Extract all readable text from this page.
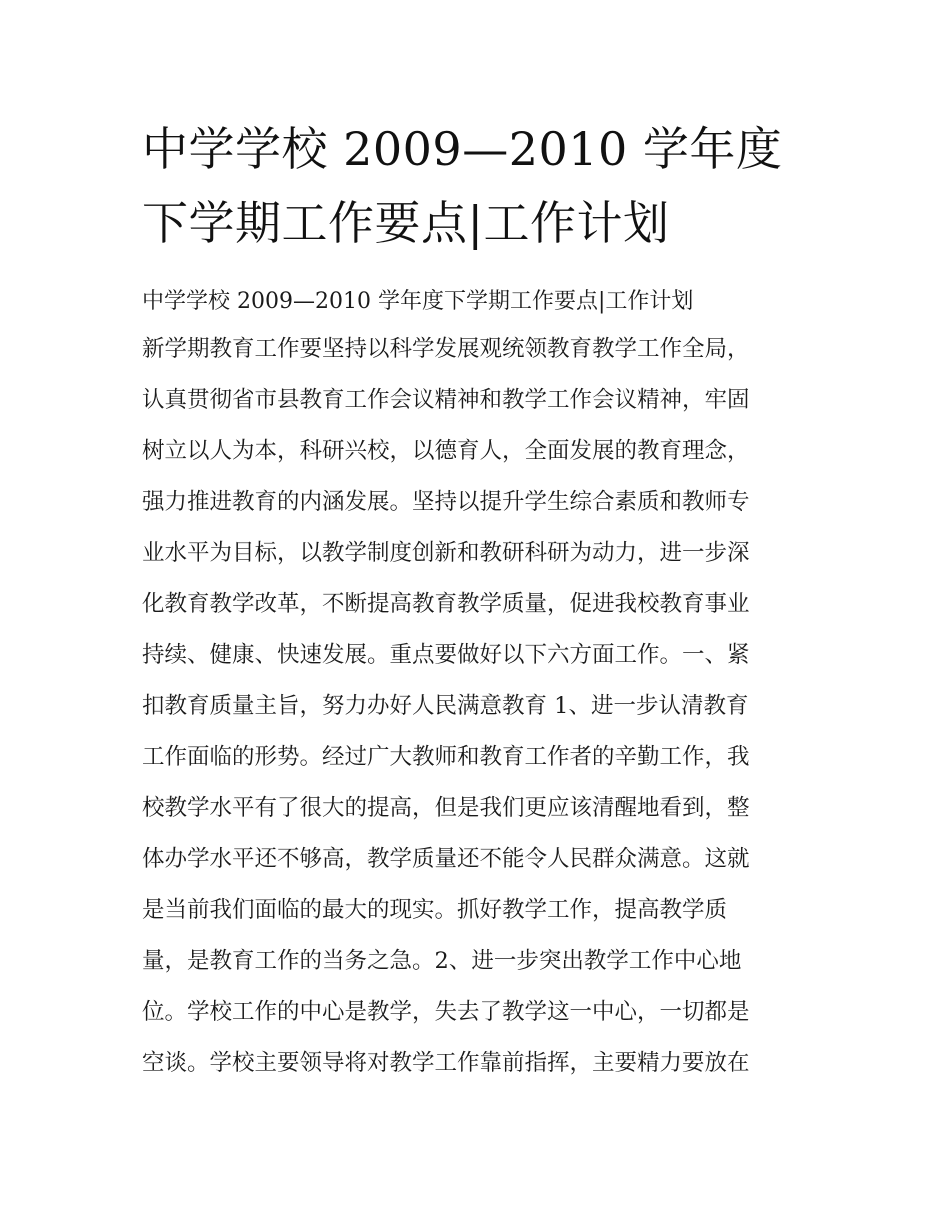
中学学校 2009—2010 学年度
下学期工作要点|工作计划

中学学校 2009—2010 学年度下学期工作要点|工作计划

新学期教育工作要坚持以科学发展观统领教育教学工作全局，
认真贯彻省市县教育工作会议精神和教学工作会议精神，牢固
树立以人为本，科研兴校，以德育人，全面发展的教育理念，
强力推进教育的内涵发展。坚持以提升学生综合素质和教师专
业水平为目标，以教学制度创新和教研科研为动力，进一步深
化教育教学改革，不断提高教育教学质量，促进我校教育事业
持续、健康、快速发展。重点要做好以下六方面工作。一、紧
扣教育质量主旨，努力办好人民满意教育 1、进一步认清教育
工作面临的形势。经过广大教师和教育工作者的辛勤工作，我
校教学水平有了很大的提高，但是我们更应该清醒地看到，整
体办学水平还不够高，教学质量还不能令人民群众满意。这就
是当前我们面临的最大的现实。抓好教学工作，提高教学质
量，是教育工作的当务之急。2、进一步突出教学工作中心地
位。学校工作的中心是教学，失去了教学这一中心，一切都是
空谈。学校主要领导将对教学工作靠前指挥，主要精力要放在
